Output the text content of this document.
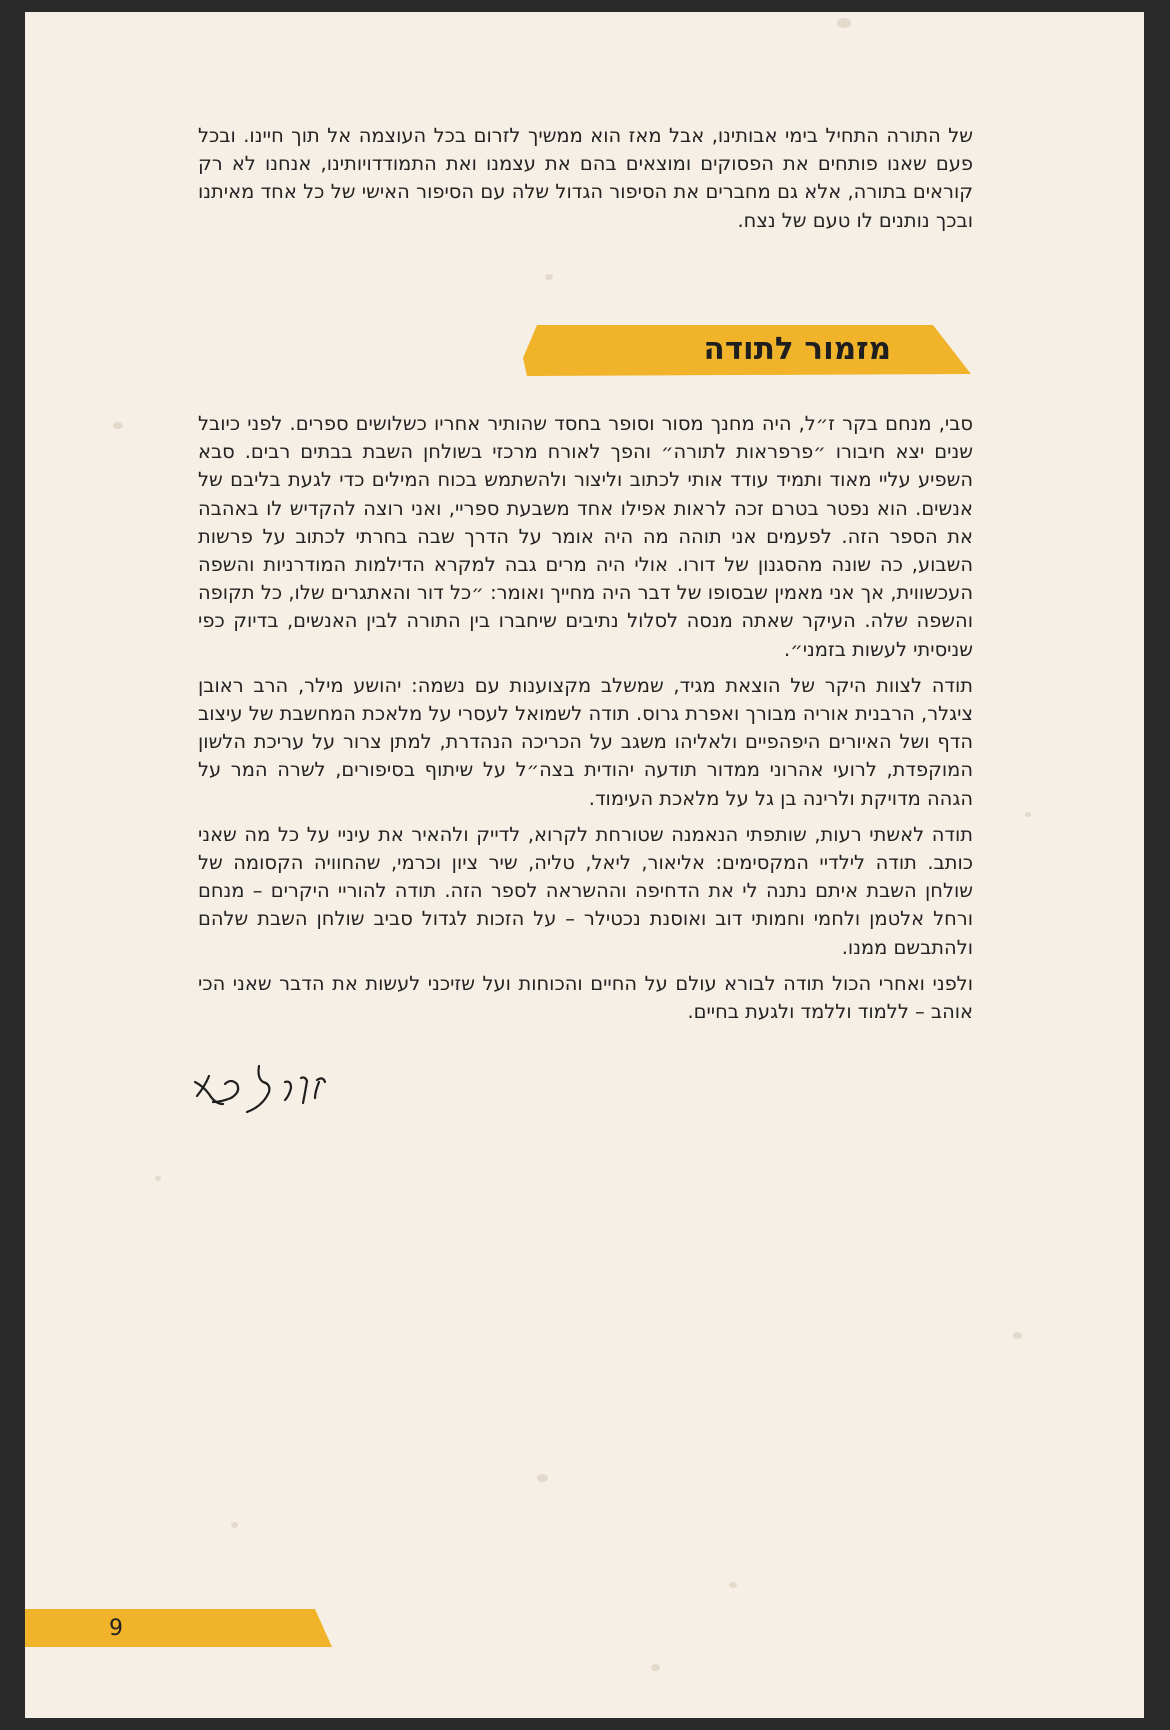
של התורה התחיל בימי אבותינו, אבל מאז הוא ממשיך לזרום בכל העוצמה אל תוך חיינו. ובכל פעם שאנו פותחים את הפסוקים ומוצאים בהם את עצמנו ואת התמודדויותינו, אנחנו לא רק קוראים בתורה, אלא גם מחברים את הסיפור הגדול שלה עם הסיפור האישי של כל אחד מאיתנו ובכך נותנים לו טעם של נצח.

מזמור לתודה

סבי, מנחם בקר ז״ל, היה מחנך מסור וסופר בחסד שהותיר אחריו כשלושים ספרים. לפני כיובל שנים יצא חיבורו ״פרפראות לתורה״ והפך לאורח מרכזי בשולחן השבת בבתים רבים. סבא השפיע עליי מאוד ותמיד עודד אותי לכתוב וליצור ולהשתמש בכוח המילים כדי לגעת בליבם של אנשים. הוא נפטר בטרם זכה לראות אפילו אחד משבעת ספריי, ואני רוצה להקדיש לו באהבה את הספר הזה. לפעמים אני תוהה מה היה אומר על הדרך שבה בחרתי לכתוב על פרשות השבוע, כה שונה מהסגנון של דורו. אולי היה מרים גבה למקרא הדילמות המודרניות והשפה העכשווית, אך אני מאמין שבסופו של דבר היה מחייך ואומר: ״כל דור והאתגרים שלו, כל תקופה והשפה שלה. העיקר שאתה מנסה לסלול נתיבים שיחברו בין התורה לבין האנשים, בדיוק כפי שניסיתי לעשות בזמני״.

תודה לצוות היקר של הוצאת מגיד, שמשלב מקצוענות עם נשמה: יהושע מילר, הרב ראובן ציגלר, הרבנית אוריה מבורך ואפרת גרוס. תודה לשמואל לעסרי על מלאכת המחשבת של עיצוב הדף ושל האיורים היפהפיים ולאליהו משגב על הכריכה הנהדרת, למתן צרור על עריכת הלשון המוקפדת, לרועי אהרוני ממדור תודעה יהודית בצה״ל על שיתוף בסיפורים, לשרה המר על הגהה מדויקת ולרינה בן גל על מלאכת העימוד.

תודה לאשתי רעות, שותפתי הנאמנה שטורחת לקרוא, לדייק ולהאיר את עיניי על כל מה שאני כותב. תודה לילדיי המקסימים: אליאור, ליאל, טליה, שיר ציון וכרמי, שהחוויה הקסומה של שולחן השבת איתם נתנה לי את הדחיפה וההשראה לספר הזה. תודה להוריי היקרים – מנחם ורחל אלטמן ולחמי וחמותי דוב ואוסנת נכטילר – על הזכות לגדול סביב שולחן השבת שלהם ולהתבשם ממנו.

ולפני ואחרי הכול תודה לבורא עולם על החיים והכוחות ועל שזיכני לעשות את הדבר שאני הכי אוהב – ללמוד וללמד ולגעת בחיים.

9
